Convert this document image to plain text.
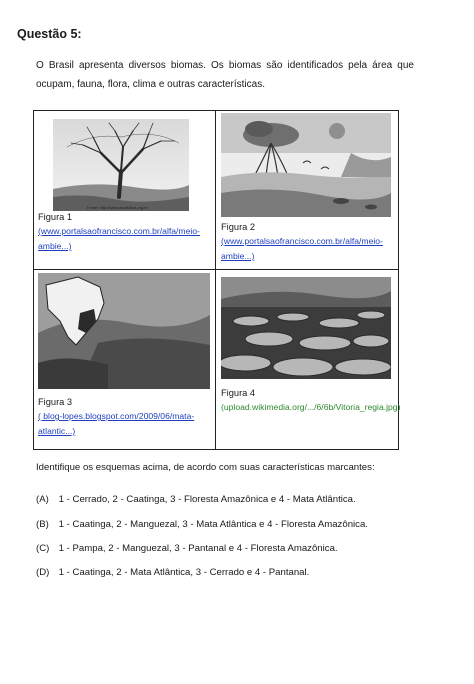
Questão 5:
O Brasil apresenta diversos biomas. Os biomas são identificados pela área que ocupam, fauna, flora, clima e outras características.
Fonte: http://www.drsdedica.org.br
Figura 1
(www.portalsaofrancisco.com.br/alfa/meio-
ambie...)
Figura 2
(www.portalsaofrancisco.com.br/alfa/meio-
ambie...)
Figura 3
( blog-lopes.blogspot.com/2009/06/mata-
atlantic...)
Figura 4
(upload.wikimedia.org/.../6/6b/Vitoria_regia.jpg)
Identifique os esquemas acima, de acordo com suas características marcantes:
(A) 1 - Cerrado, 2 - Caatinga, 3 - Floresta Amazônica e 4 - Mata Atlântica.
(B) 1 - Caatinga, 2 - Manguezal, 3 - Mata Atlântica e 4 - Floresta Amazônica.
(C) 1 - Pampa, 2 - Manguezal, 3 - Pantanal e 4 - Floresta Amazônica.
(D) 1 - Caatinga, 2 - Mata Atlântica, 3 - Cerrado e 4 - Pantanal.
